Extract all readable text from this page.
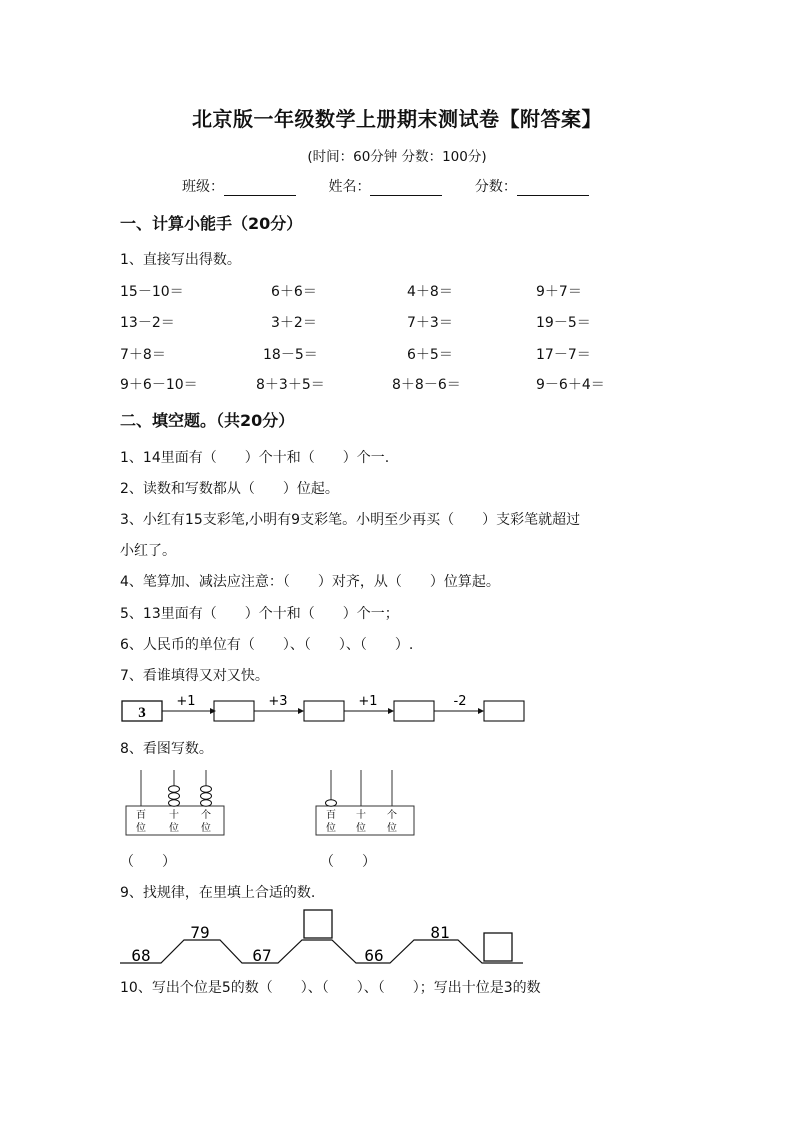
北京版一年级数学上册期末测试卷【附答案】
(时间：60分钟 分数：100分)
班级：	姓名：	分数：
一、计算小能手（20分）
1、直接写出得数。
15－10＝	6＋6＝	4＋8＝	9＋7＝
13－2＝	3＋2＝	7＋3＝	19－5＝
7＋8＝	18－5＝	6＋5＝	17－7＝
9＋6－10＝	8＋3＋5＝	8＋8－6＝	9－6＋4＝
二、填空题。（共20分）
1、14里面有（　　）个十和（　　）个一.
2、读数和写数都从（　　）位起。
3、小红有15支彩笔,小明有9支彩笔。小明至少再买（　　）支彩笔就超过
小红了。
4、笔算加、减法应注意：（　　）对齐，从（　　）位算起。
5、13里面有（　　）个十和（　　）个一；
6、人民币的单位有（　　）、（　　）、（　　）.
7、看谁填得又对又快。
3
+1	+3	+1	-2
8、看图写数。
百 十 个
位 位 位
百 十 个
位 位 位
（　　）	（　　）
9、找规律，在里填上合适的数.
68
79
67	66
81
10、写出个位是5的数（　　）、（　　）、（　　）；写出十位是3的数
